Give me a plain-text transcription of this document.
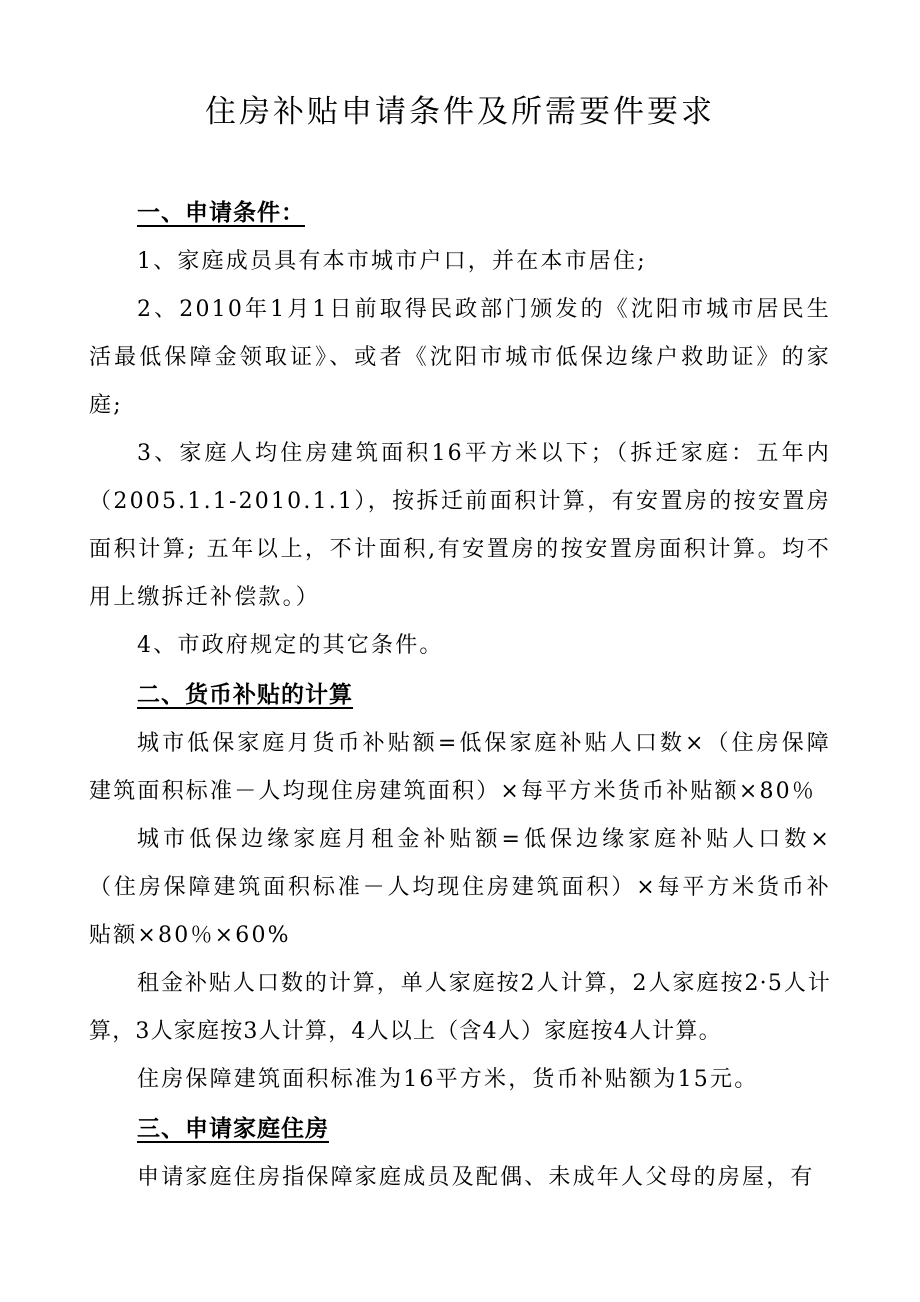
住房补贴申请条件及所需要件要求
一、申请条件：

1、家庭成员具有本市城市户口，并在本市居住;

2、2010年1月1日前取得民政部门颁发的《沈阳市城市居民生活最低保障金领取证》、或者《沈阳市城市低保边缘户救助证》的家庭;

3、家庭人均住房建筑面积16平方米以下；（拆迁家庭：五年内（2005.1.1-2010.1.1），按拆迁前面积计算，有安置房的按安置房面积计算; 五年以上，不计面积,有安置房的按安置房面积计算。均不用上缴拆迁补偿款。）

4、市政府规定的其它条件。

二、货币补贴的计算

城市低保家庭月货币补贴额=低保家庭补贴人口数×（住房保障建筑面积标准－人均现住房建筑面积）×每平方米货币补贴额×80％

城市低保边缘家庭月租金补贴额=低保边缘家庭补贴人口数×（住房保障建筑面积标准－人均现住房建筑面积）×每平方米货币补贴额×80％×60%

租金补贴人口数的计算，单人家庭按2人计算，2人家庭按2·5人计算，3人家庭按3人计算，4人以上（含4人）家庭按4人计算。

住房保障建筑面积标准为16平方米，货币补贴额为15元。

三、申请家庭住房

申请家庭住房指保障家庭成员及配偶、未成年人父母的房屋，有
